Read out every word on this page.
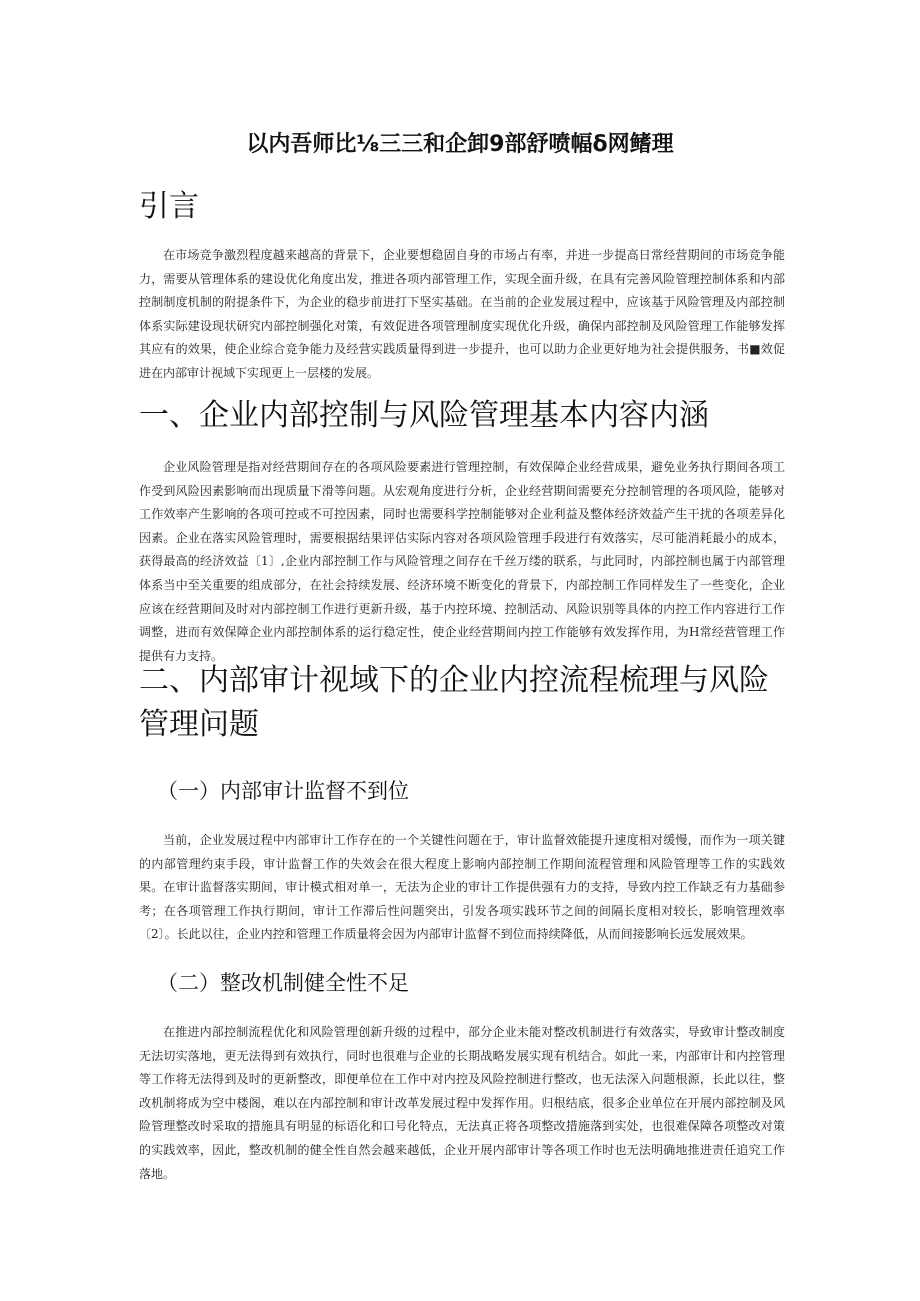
以内吾师比⅛三三和企卸9部舒喷幅δ网鳍理
引言

在市场竞争激烈程度越来越高的背景下，企业要想稳固自身的市场占有率，并进一步提高日常经营期间的市场竞争能力，需要从管理体系的建设优化角度出发，推进各项内部管理工作，实现全面升级，在具有完善风险管理控制体系和内部控制制度机制的附提条件下，为企业的稳步前进打下坚实基础。在当前的企业发展过程中，应该基于风险管理及内部控制体系实际建设现状研究内部控制强化对策，有效促进各项管理制度实现优化升级，确保内部控制及风险管理工作能够发挥其应有的效果，使企业综合竞争能力及经营实践质量得到进一步提升，也可以助力企业更好地为社会提供服务，书■效促进在内部审计视域下实现更上一层楼的发展。

一、企业内部控制与风险管理基本内容内涵

企业风险管理是指对经营期间存在的各项风险要素进行管理控制，有效保障企业经营成果，避免业务执行期间各项工作受到风险因素影响而出现质量下滑等问题。从宏观角度进行分析，企业经营期间需要充分控制管理的各项风险，能够对工作效率产生影响的各项可控或不可控因素，同时也需要科学控制能够对企业利益及整体经济效益产生干扰的各项差异化因素。企业在落实风险管理时，需要根据结果评估实际内容对各项风险管理手段进行有效落实，尽可能消耗最小的成本，获得最高的经济效益〔1〕,企业内部控制工作与风险管理之间存在千丝万缕的联系，与此同时，内部控制也属于内部管理体系当中至关重要的组成部分，在社会持续发展、经济环境不断变化的背景下，内部控制工作同样发生了一些变化，企业应该在经营期间及时对内部控制工作进行更新升级，基于内控环境、控制活动、风险识别等具体的内控工作内容进行工作调整，进而有效保障企业内部控制体系的运行稳定性，使企业经营期间内控工作能够有效发挥作用，为H常经营管理工作提供有力支持。

二、内部审计视域下的企业内控流程梳理与风险管理问题
（一）内部审计监督不到位

当前，企业发展过程中内部审计工作存在的一个关键性问题在于，审计监督效能提升速度相对缓慢，而作为一项关键的内部管理约束手段，审计监督工作的失效会在很大程度上影响内部控制工作期间流程管理和风险管理等工作的实践效果。在审计监督落实期间，审计模式相对单一，无法为企业的审计工作提供强有力的支持，导致内控工作缺乏有力基础参考；在各项管理工作执行期间，审计工作滞后性问题突出，引发各项实践环节之间的间隔长度相对较长，影响管理效率〔2〕。长此以往，企业内控和管理工作质量将会因为内部审计监督不到位而持续降低，从而间接影响长远发展效果。

（二）整改机制健全性不足

在推进内部控制流程优化和风险管理创新升级的过程中，部分企业未能对整改机制进行有效落实，导致审计整改制度无法切实落地，更无法得到有效执行，同时也很难与企业的长期战略发展实现有机结合。如此一来，内部审计和内控管理等工作将无法得到及时的更新整改，即便单位在工作中对内控及风险控制进行整改，也无法深入问题根源，长此以往，整改机制将成为空中楼阁，难以在内部控制和审计改革发展过程中发挥作用。归根结底，很多企业单位在开展内部控制及风险管理整改时采取的措施具有明显的标语化和口号化特点，无法真正将各项整改措施落到实处，也很难保障各项整改对策的实践效率，因此，整改机制的健全性自然会越来越低，企业开展内部审计等各项工作时也无法明确地推进责任追究工作落地。
